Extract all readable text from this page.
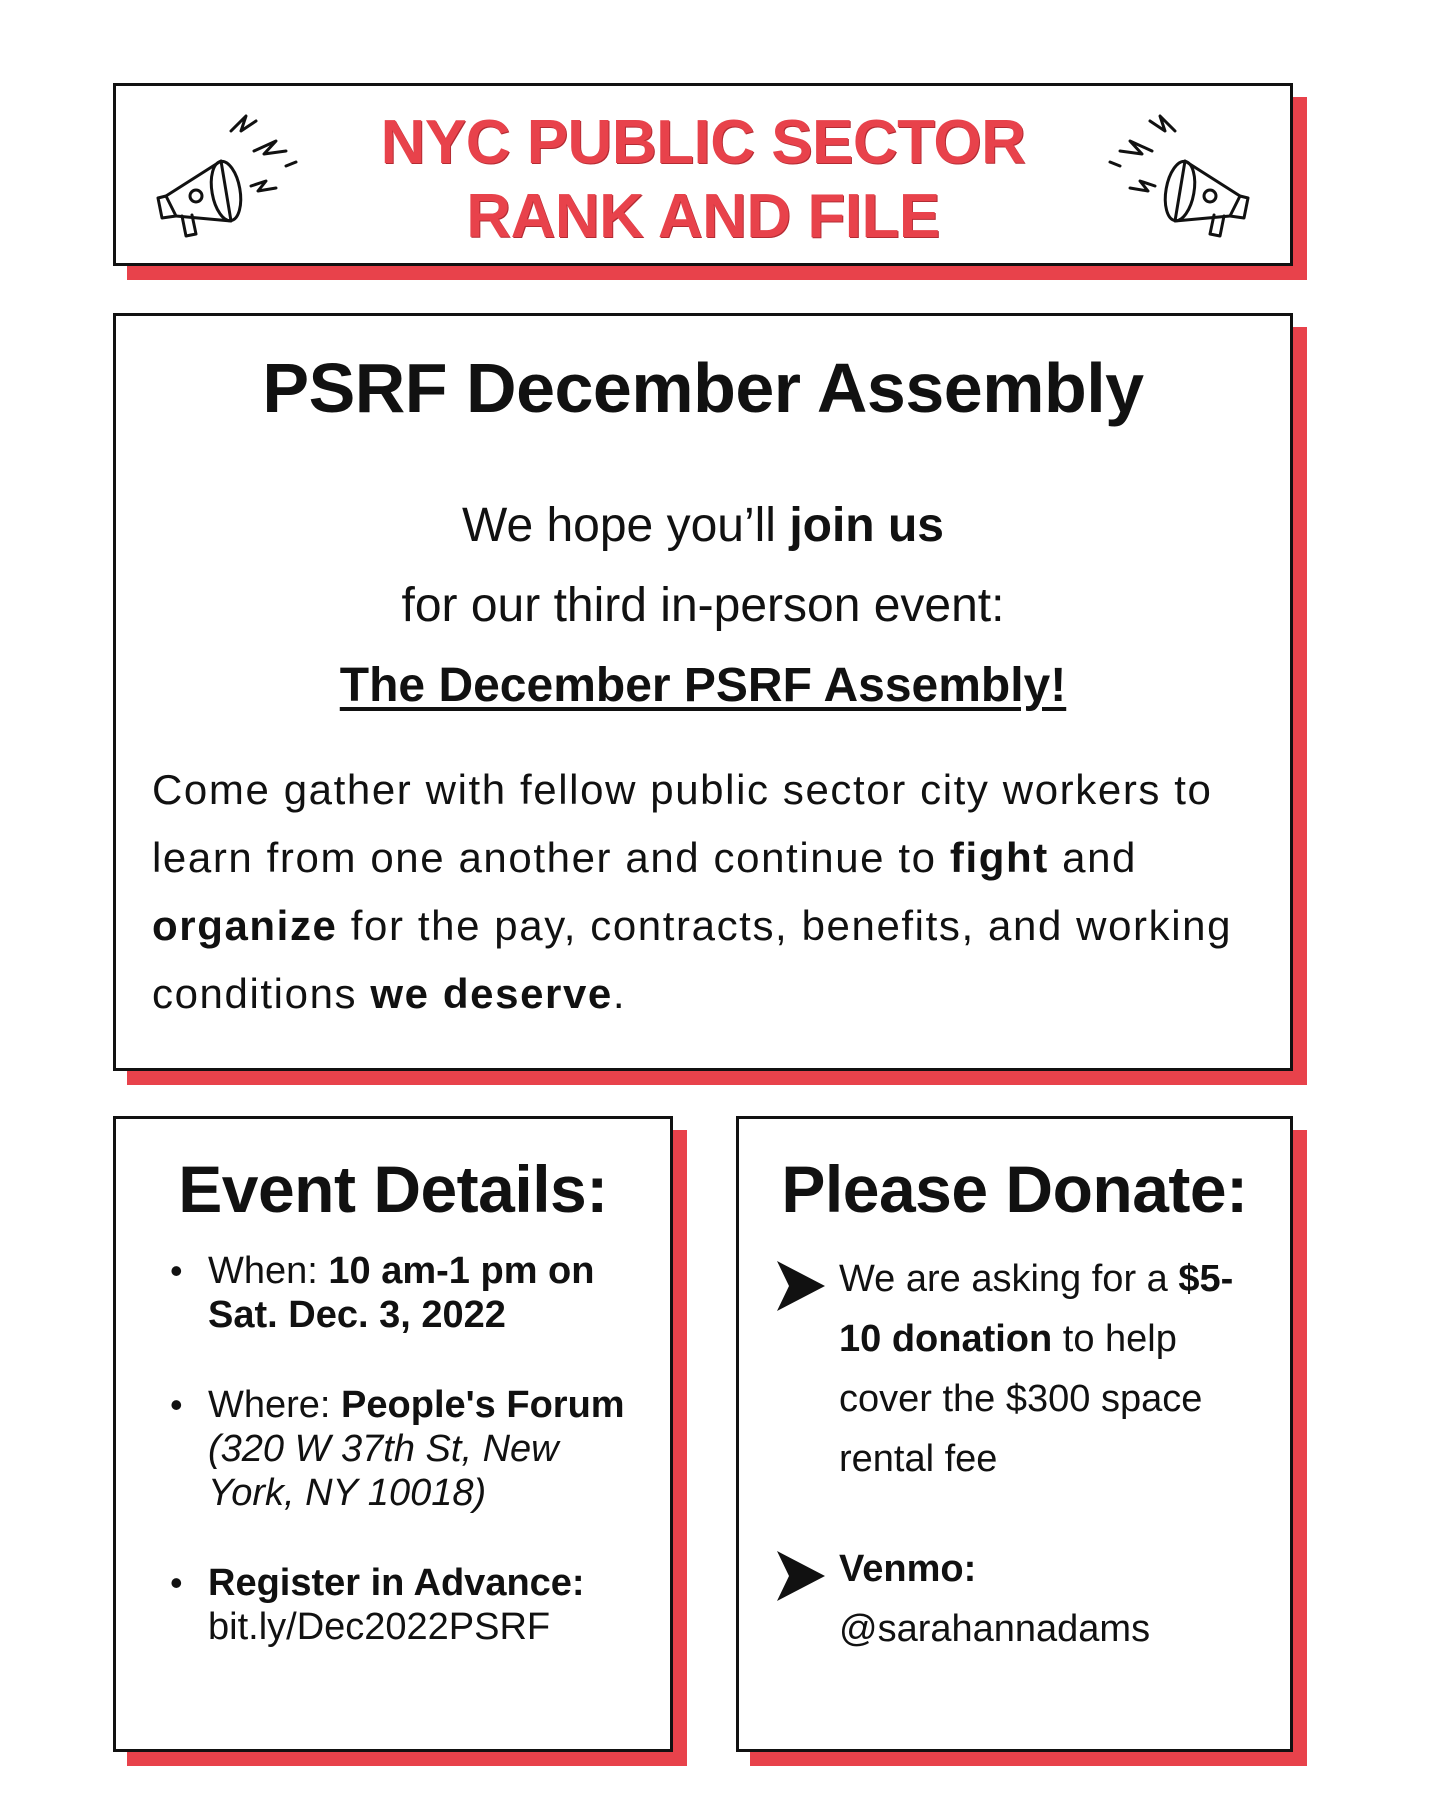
NYC PUBLIC SECTOR
RANK AND FILE
PSRF December Assembly
We hope you’ll join us
for our third in-person event:
The December PSRF Assembly!
Come gather with fellow public sector city workers to learn from one another and continue to fight and organize for the pay, contracts, benefits, and working conditions we deserve.
Event Details:
• When: 10 am-1 pm on Sat. Dec. 3, 2022
• Where: People's Forum (320 W 37th St, New York, NY 10018)
• Register in Advance:
bit.ly/Dec2022PSRF
Please Donate:
We are asking for a $5-10 donation to help cover the $300 space rental fee
Venmo:
@sarahannadams
